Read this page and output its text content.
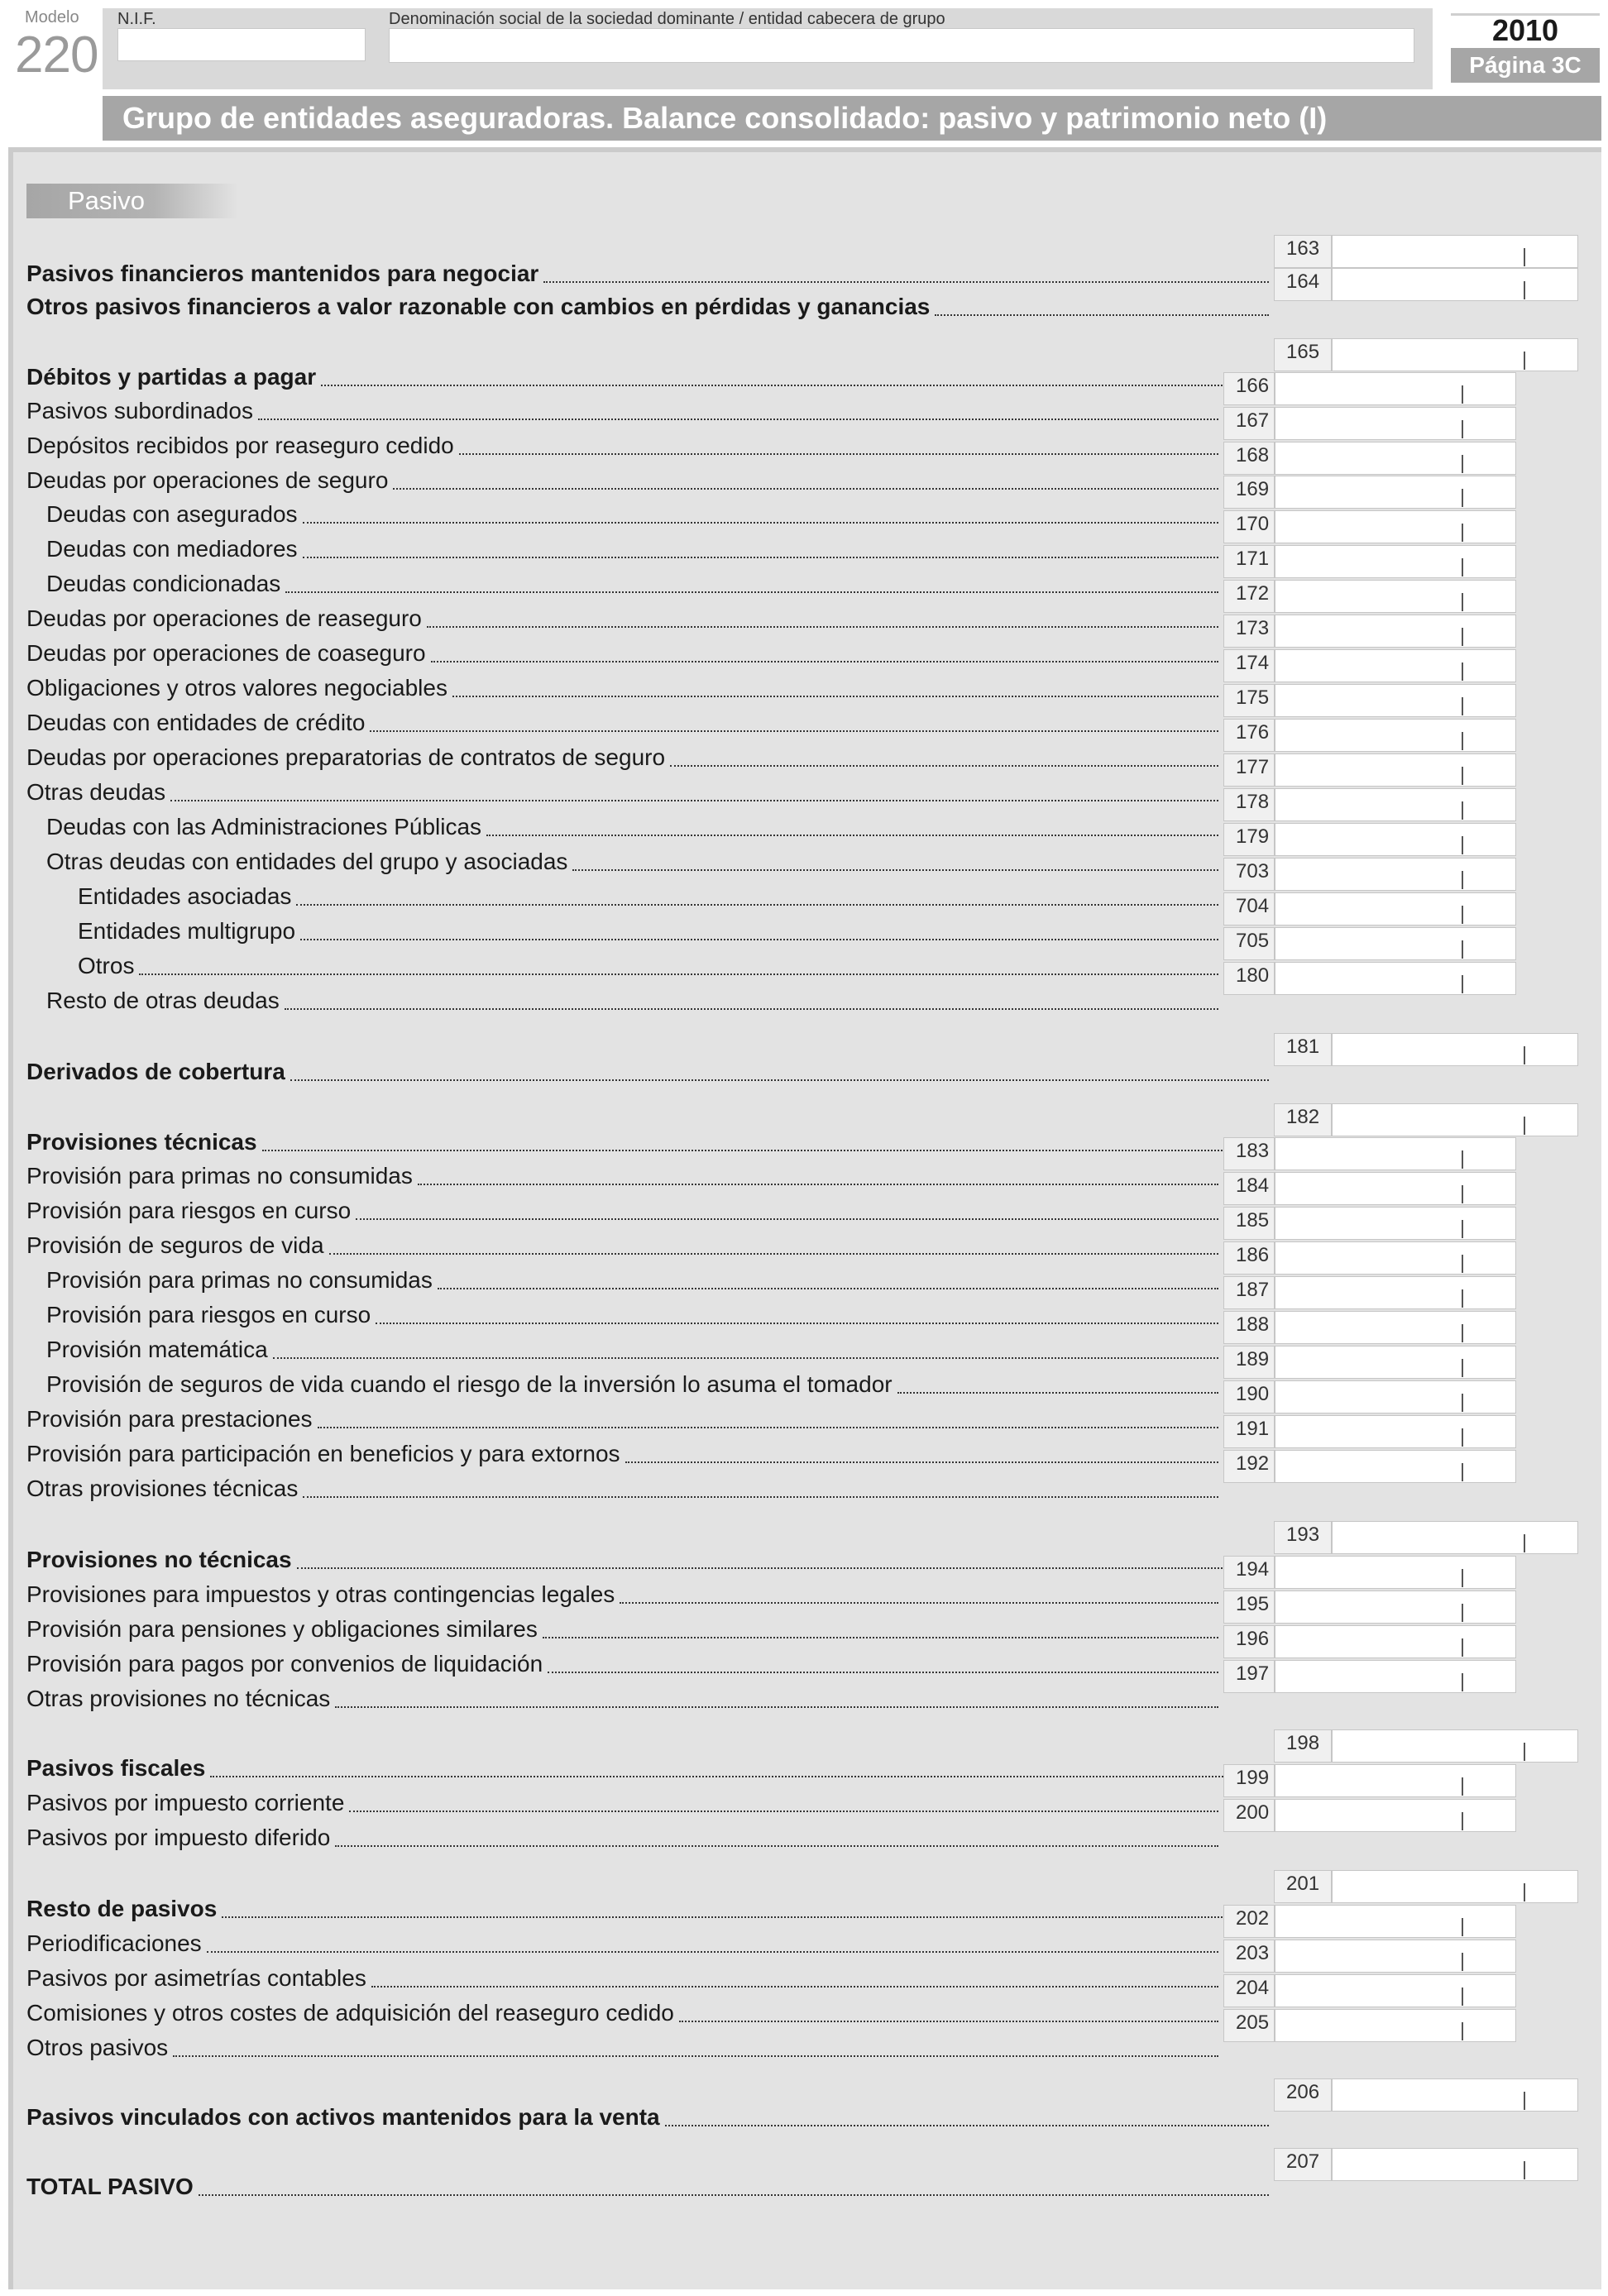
Modelo
220
N.I.F.	Denominación social de la sociedad dominante / entidad cabecera de grupo	2010
Página 3C
Grupo de entidades aseguradoras. Balance consolidado: pasivo y patrimonio neto (I)
Pasivo
Pasivos financieros mantenidos para negociar
163
Otros pasivos financieros a valor razonable con cambios en pérdidas y ganancias
164
Débitos y partidas a pagar
165
Pasivos subordinados
166
Depósitos recibidos por reaseguro cedido
167
Deudas por operaciones de seguro
168
Deudas con asegurados
169
Deudas con mediadores
170
Deudas condicionadas
171
Deudas por operaciones de reaseguro
172
Deudas por operaciones de coaseguro
173
Obligaciones y otros valores negociables
174
Deudas con entidades de crédito
175
Deudas por operaciones preparatorias de contratos de seguro
176
Otras deudas
177
Deudas con las Administraciones Públicas
178
Otras deudas con entidades del grupo y asociadas
179
Entidades asociadas
703
Entidades multigrupo
704
Otros
705
Resto de otras deudas
180
Derivados de cobertura
181
Provisiones técnicas
182
Provisión para primas no consumidas
183
Provisión para riesgos en curso
184
Provisión de seguros de vida
185
Provisión para primas no consumidas
186
Provisión para riesgos en curso
187
Provisión matemática
188
Provisión de seguros de vida cuando el riesgo de la inversión lo asuma el tomador
189
Provisión para prestaciones
190
Provisión para participación en beneficios y para extornos
191
Otras provisiones técnicas
192
Provisiones no técnicas
193
Provisiones para impuestos y otras contingencias legales
194
Provisión para pensiones y obligaciones similares
195
Provisión para pagos por convenios de liquidación
196
Otras provisiones no técnicas
197
Pasivos fiscales
198
Pasivos por impuesto corriente
199
Pasivos por impuesto diferido
200
Resto de pasivos
201
Periodificaciones
202
Pasivos por asimetrías contables
203
Comisiones y otros costes de adquisición del reaseguro cedido
204
Otros pasivos
205
Pasivos vinculados con activos mantenidos para la venta
206
TOTAL PASIVO
207
